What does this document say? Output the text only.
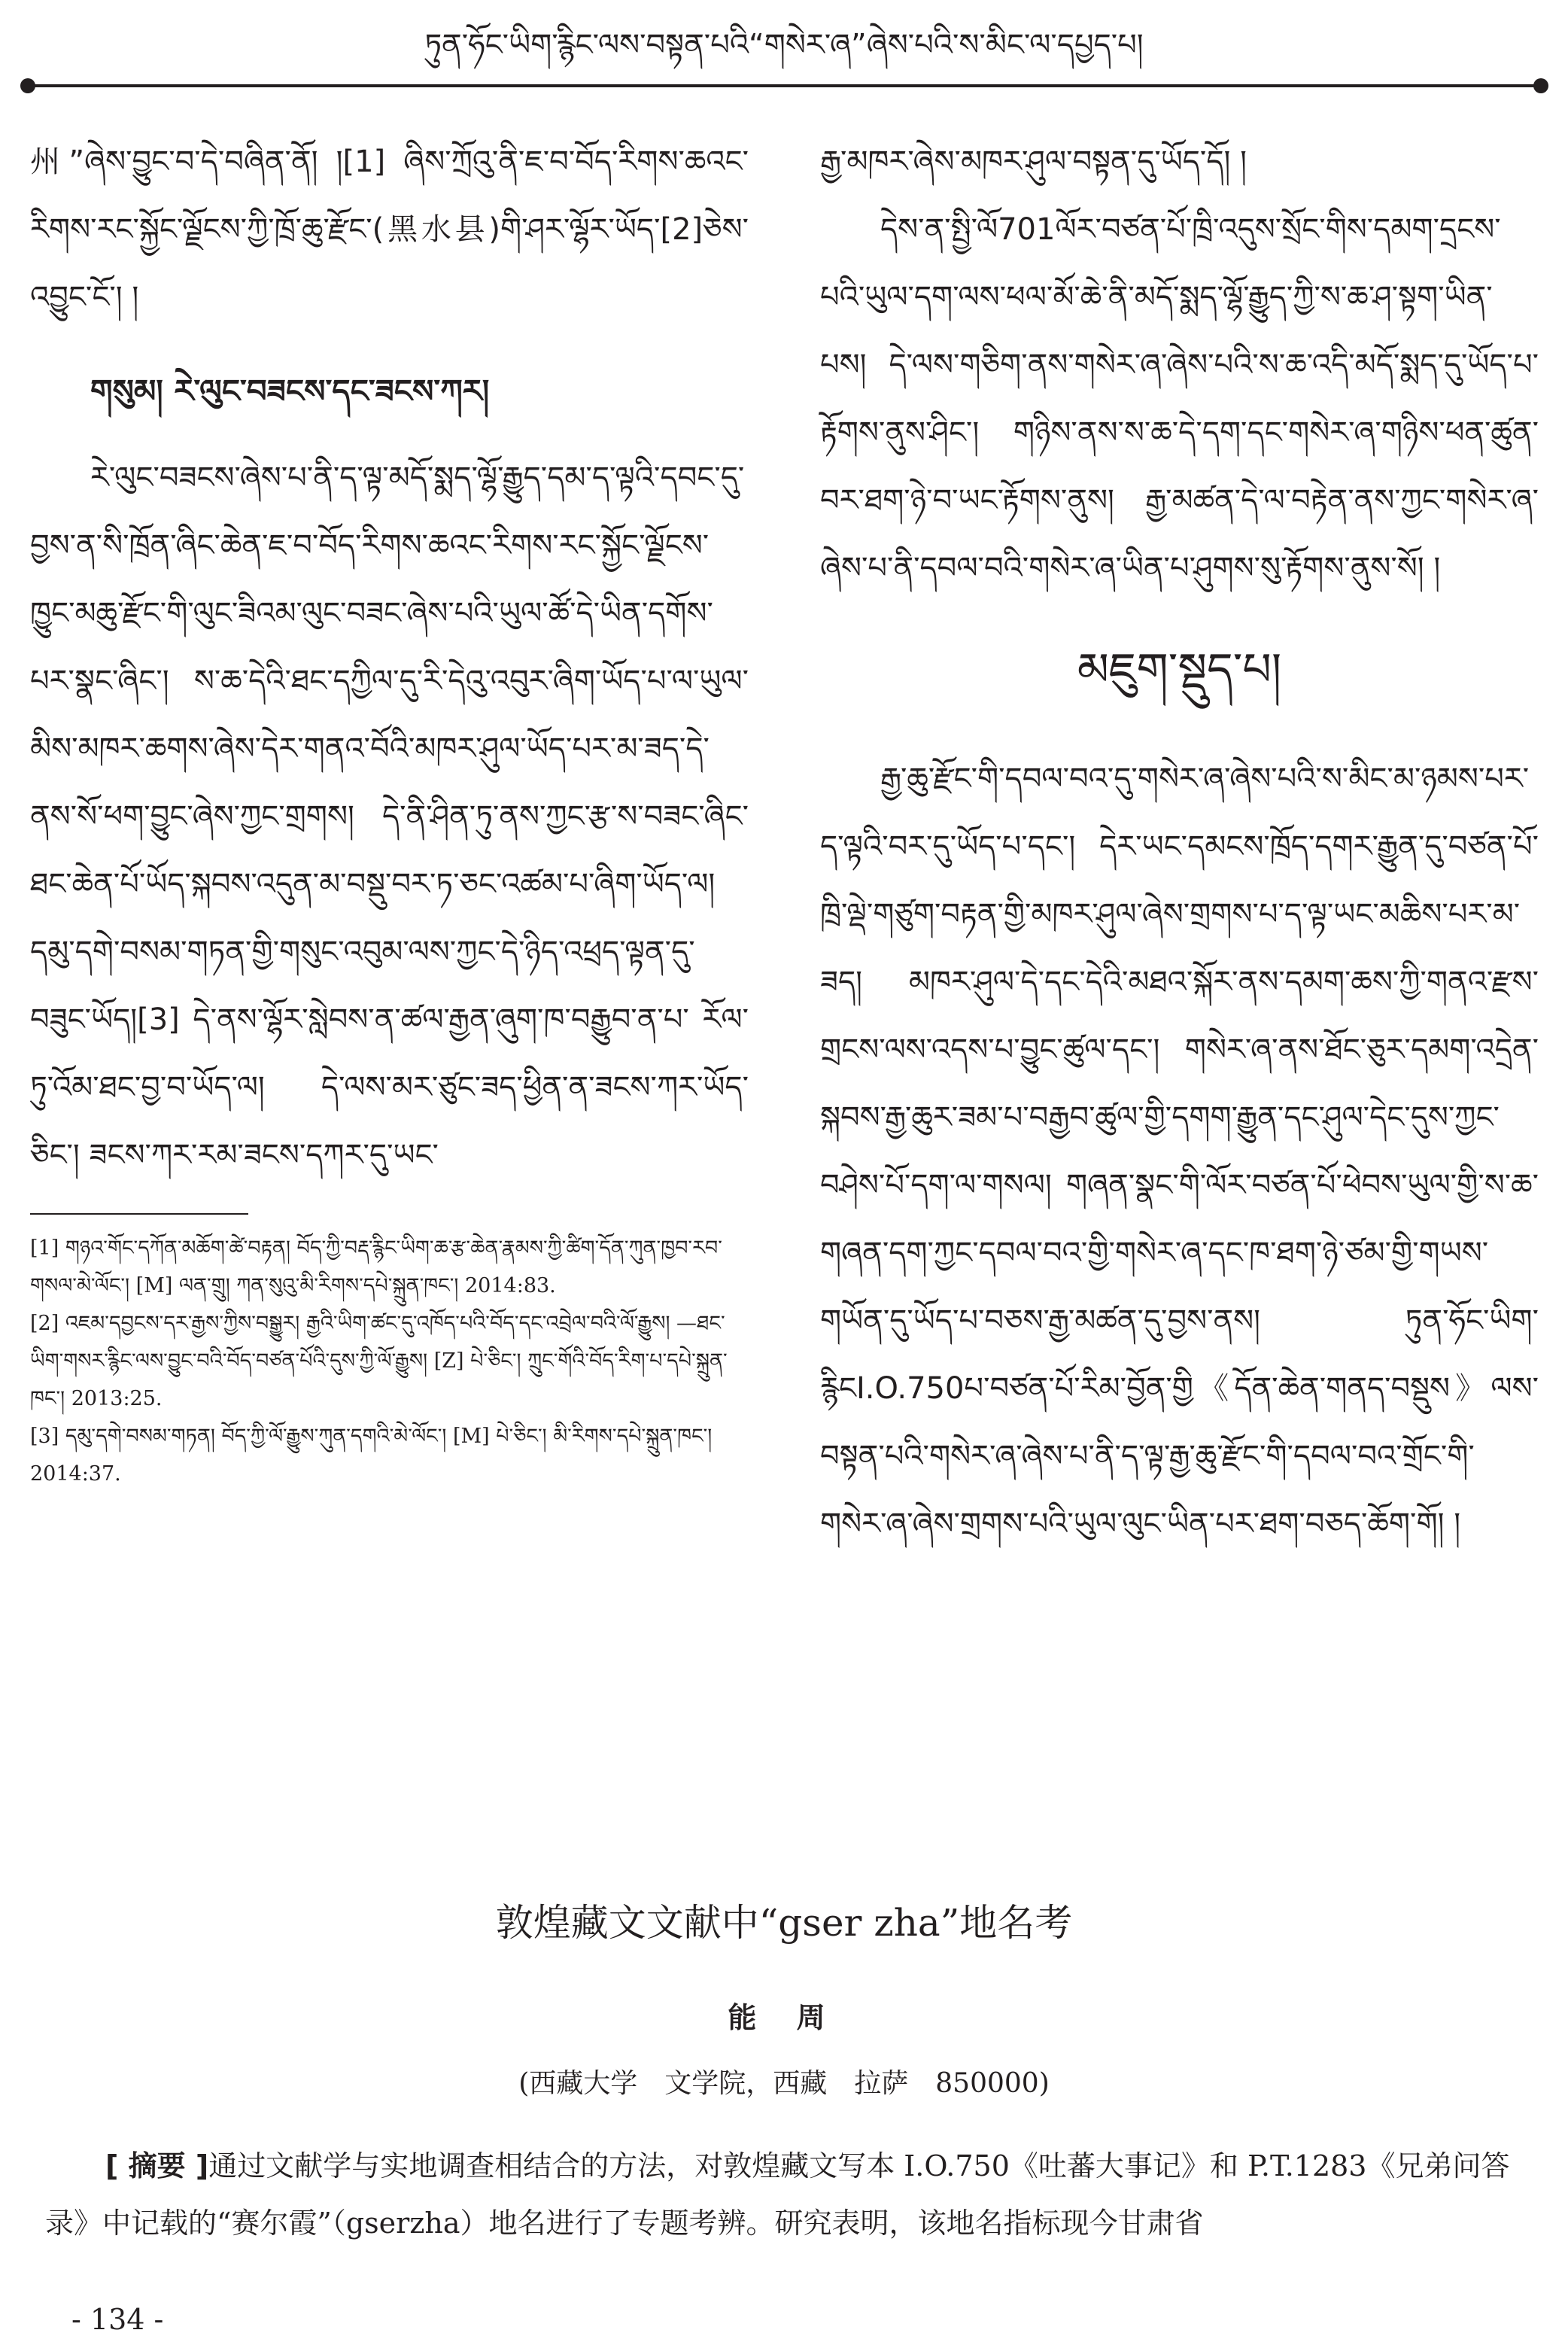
ཏུན་ཧོང་ཡིག་རྙིང་ལས་བསྟན་པའི“གསེར་ཞ”ཞེས་པའི་ས་མིང་ལ་དཔྱད་པ།

州”ཞེས་བྱུང་བ་དེ་བཞིན་ནོ། །[1] ཞིས་ཀྲོའུ་ནི་ཇ་བ་བོད་རིགས་ཆའང་རིགས་རང་སྐྱོང་ལྗོངས་ཀྱི་ཁྲོ་ཆུ་རྫོང་(黑水县)གི་ཤར་ལྷོར་ཡོད་[2]ཅེས་འབྱུང་ངོ་། །

གསུམ། རེ་ལུང་བཟངས་དང་ཟངས་ཀར།

རེ་ལུང་བཟངས་ཞེས་པ་ནི་ད་ལྟ་མདོ་སྨད་ལྷོ་རྒྱུད་དམ་ད་ལྟའི་དབང་དུ་བྱས་ན་སི་ཁྲོན་ཞིང་ཆེན་ཇ་བ་བོད་རིགས་ཆའང་རིགས་རང་སྐྱོང་ལྗོངས་ཁྱུང་མཆུ་རྫོང་གི་ལུང་ཟིའམ་ལུང་བཟང་ཞེས་པའི་ཡུལ་ཚོ་དེ་ཡིན་དགོས་པར་སྣང་ཞིང་། ས་ཆ་དེའི་ཐང་དཀྱིལ་དུ་རི་དེའུ་འབུར་ཞིག་ཡོད་པ་ལ་ཡུལ་མིས་མཁར་ཆགས་ཞེས་དེར་གནའ་བོའི་མཁར་ཤུལ་ཡོད་པར་མ་ཟད་དེ་ནས་སོ་ཕག་བྱུང་ཞེས་ཀྱང་གྲགས། དེ་ནི་ཤིན་ཏུ་ནས་ཀྱང་རྩ་ས་བཟང་ཞིང་ཐང་ཆེན་པོ་ཡོད་སྐབས་འདུན་མ་བསྡུ་བར་ཏ་ཅང་འཚམ་པ་ཞིག་ཡོད་ལ། དམུ་དགེ་བསམ་གཏན་གྱི་གསུང་འབུམ་ལས་ཀྱང་དེ་ཉིད་འཕྲད་ལྟན་དུ་བཟུང་ཡོད།[3] དེ་ནས་ལྷོར་སླེབས་ན་ཚལ་རྒྱན་ཞུག་ཁ་བརྒྱུབ་ན་པ་ རོལ་ཏུ་འོམ་ཐང་བྱ་བ་ཡོད་ལ། དེ་ལས་མར་ཙུང་ཟད་ཕྱིན་ན་ཟངས་ཀར་ཡོད་ཅིང་། ཟངས་ཀར་རམ་ཟངས་དཀར་དུ་ཡང་

[1] གཉའ་གོང་དཀོན་མཆོག་ཚེ་བརྟན། བོད་ཀྱི་བརྡ་རྙིང་ཡིག་ཆ་རྩ་ཆེན་རྣམས་ཀྱི་ཚིག་དོན་ཀུན་ཁྱབ་རབ་གསལ་མེ་ལོང་། [M] ལན་གྲུ། ཀན་སུའུ་མི་རིགས་དཔེ་སྐྲུན་ཁང་། 2014:83.

[2] འཇམ་དབྱངས་དར་རྒྱས་ཀྱིས་བསྒྱུར། རྒྱའི་ཡིག་ཚང་དུ་འཁོད་པའི་བོད་དང་འབྲེལ་བའི་ལོ་རྒྱུས། —ཐང་ཡིག་གསར་རྙིང་ལས་བྱུང་བའི་བོད་བཙན་པོའི་དུས་ཀྱི་ལོ་རྒྱུས། [Z] པེ་ཅིང་། ཀྲུང་གོའི་བོད་རིག་པ་དཔེ་སྐྲུན་ཁང་། 2013:25.

[3] དམུ་དགེ་བསམ་གཏན། བོད་ཀྱི་ལོ་རྒྱུས་ཀུན་དགའི་མེ་ལོང་། [M] པེ་ཅིང་། མི་རིགས་དཔེ་སྐྲུན་ཁང་། 2014:37.

རྒྱ་མཁར་ཞེས་མཁར་ཤུལ་བསྟན་དུ་ཡོད་དོ། །

དེས་ན་སྤྱི་ལོ701ལོར་བཙན་པོ་ཁྲི་འདུས་སྲོང་གིས་དམག་དྲངས་པའི་ཡུལ་དག་ལས་ཕལ་མོ་ཆེ་ནི་མདོ་སྨད་ལྷོ་རྒྱུད་ཀྱི་ས་ཆ་ཤ་སྟག་ཡིན་པས། དེ་ལས་གཅིག་ནས་གསེར་ཞ་ཞེས་པའི་ས་ཆ་འདི་མདོ་སྨད་དུ་ཡོད་པ་རྟོགས་ནུས་ཤིང་། གཉིས་ནས་ས་ཆ་དེ་དག་དང་གསེར་ཞ་གཉིས་ཕན་ཚུན་བར་ཐག་ཉེ་བ་ཡང་རྟོགས་ནུས། རྒྱ་མཚན་དེ་ལ་བརྟེན་ནས་ཀྱང་གསེར་ཞ་ཞེས་པ་ནི་དབལ་བའི་གསེར་ཞ་ཡིན་པ་ཤུགས་སུ་རྟོགས་ནུས་སོ། །

མཇུག་སྡུད་པ།

རྒྱ་ཆུ་རྫོང་གི་དབལ་བའ་དུ་གསེར་ཞ་ཞེས་པའི་ས་མིང་མ་ཉམས་པར་ད་ལྟའི་བར་དུ་ཡོད་པ་དང་། དེར་ཡང་དམངས་ཁྲོད་དགར་རྒྱུན་དུ་བཙན་པོ་ཁྲི་ལྡེ་གཙུག་བརྟན་གྱི་མཁར་ཤུལ་ཞེས་གྲགས་པ་ད་ལྟ་ཡང་མཆིས་པར་མ་ཟད། མཁར་ཤུལ་དེ་དང་དེའི་མཐའ་སྐོར་ནས་དམག་ཆས་ཀྱི་གནའ་རྫས་གྲངས་ལས་འདས་པ་བྱུང་ཚུལ་དང་། གསེར་ཞ་ནས་ཐོང་ཅུར་དམག་འདྲེན་སྐབས་རྒྱ་ཆུར་ཟམ་པ་བརྒྱབ་ཚུལ་གྱི་དགག་རྒྱུན་དང་ཤུལ་དེང་དུས་ཀྱང་བཤེས་པོ་དག་ལ་གསལ། གཞན་སྣང་གི་ལོར་བཙན་པོ་ཕེབས་ཡུལ་གྱི་ས་ཆ་གཞན་དག་ཀྱང་དབལ་བའ་གྱི་གསེར་ཞ་དང་ཁ་ཐག་ཉེ་ཙམ་གྱི་གཡས་གཡོན་དུ་ཡོད་པ་བཅས་རྒྱ་མཚན་དུ་བྱས་ནས། ཏུན་ཧོང་ཡིག་རྙིངI.O.750པ་བཙན་པོ་རིམ་བྱོན་གྱི《དོན་ཆེན་གནད་བསྡུས》ལས་བསྟན་པའི་གསེར་ཞ་ཞེས་པ་ནི་ད་ལྟ་རྒྱ་ཆུ་རྫོང་གི་དབལ་བའ་གྲོང་གི་གསེར་ཞ་ཞེས་གྲགས་པའི་ཡུལ་ལུང་ཡིན་པར་ཐག་བཅད་ཆོག་གོ། །

敦煌藏文文献中“gser zha”地名考
能 周
(西藏大学　文学院，西藏　拉萨　850000)

[ 摘要 ]通过文献学与实地调查相结合的方法，对敦煌藏文写本 I.O.750《吐蕃大事记》和 P.T.1283《兄弟问答录》中记载的“赛尔霞”（gserzha）地名进行了专题考辨。研究表明，该地名指标现今甘肃省

- 134 -
